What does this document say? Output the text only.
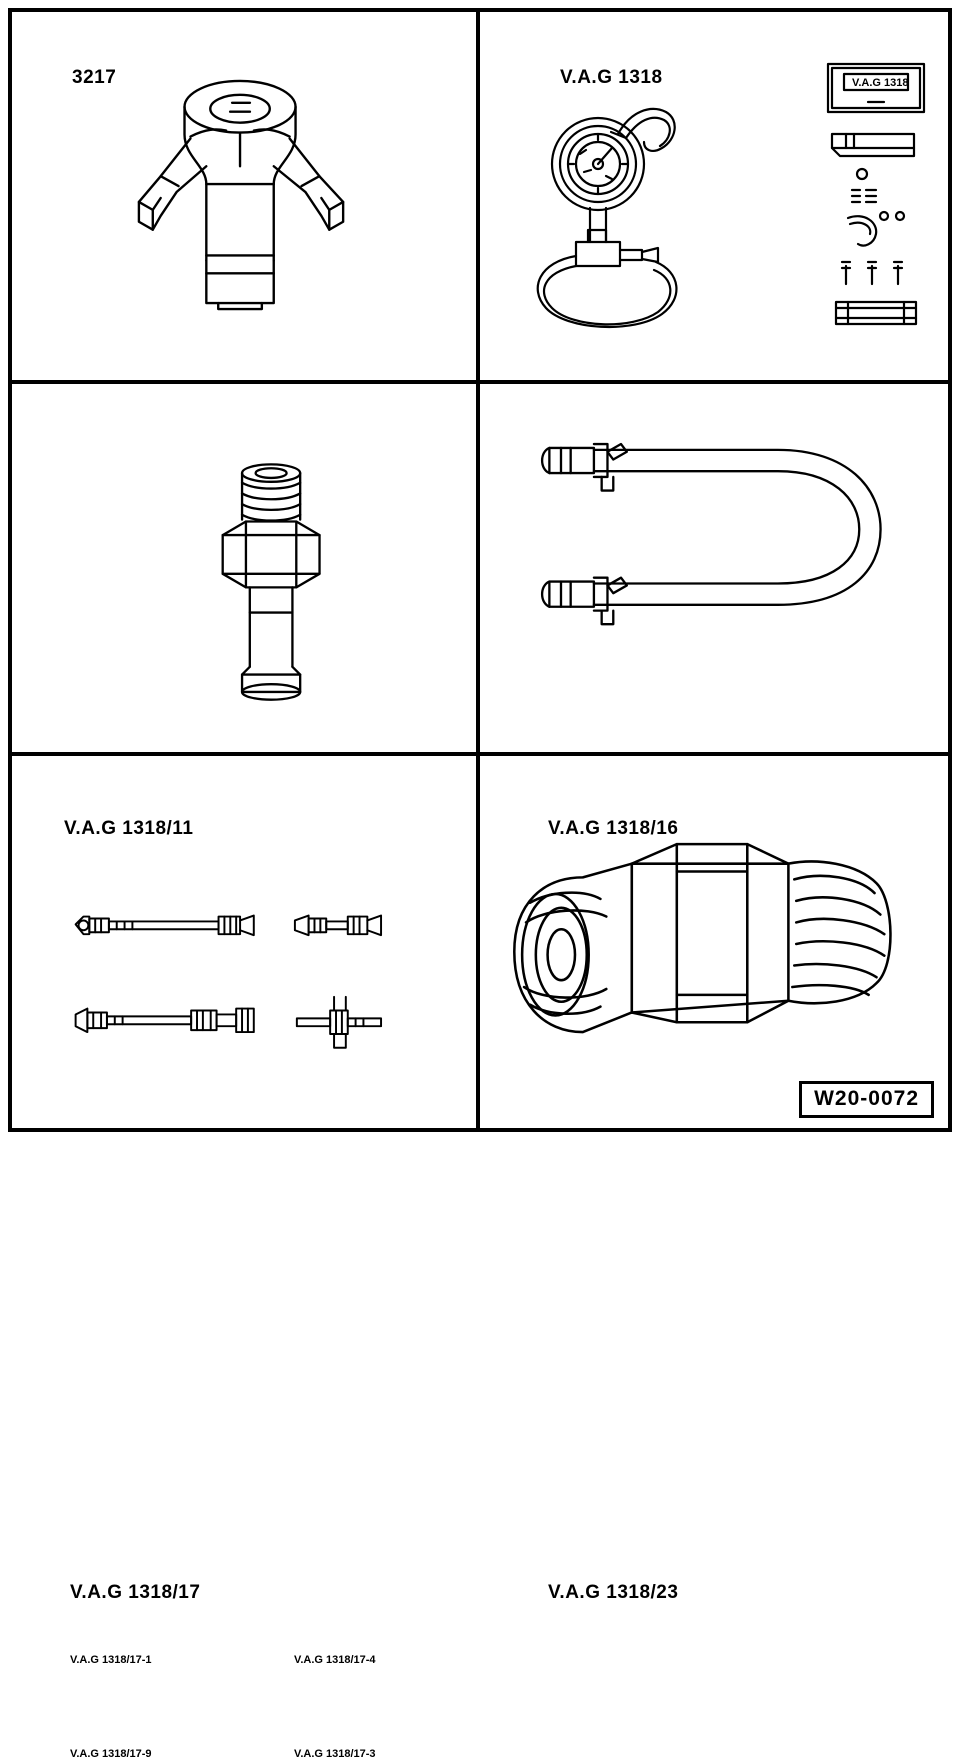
3217	V.A.G 1318	V.A.G 1318
V.A.G 1318/11	V.A.G 1318/16
V.A.G 1318/17
V.A.G 1318/17-1	V.A.G 1318/17-4
V.A.G 1318/17-9	V.A.G 1318/17-3
V.A.G 1318/23
W20-0072
